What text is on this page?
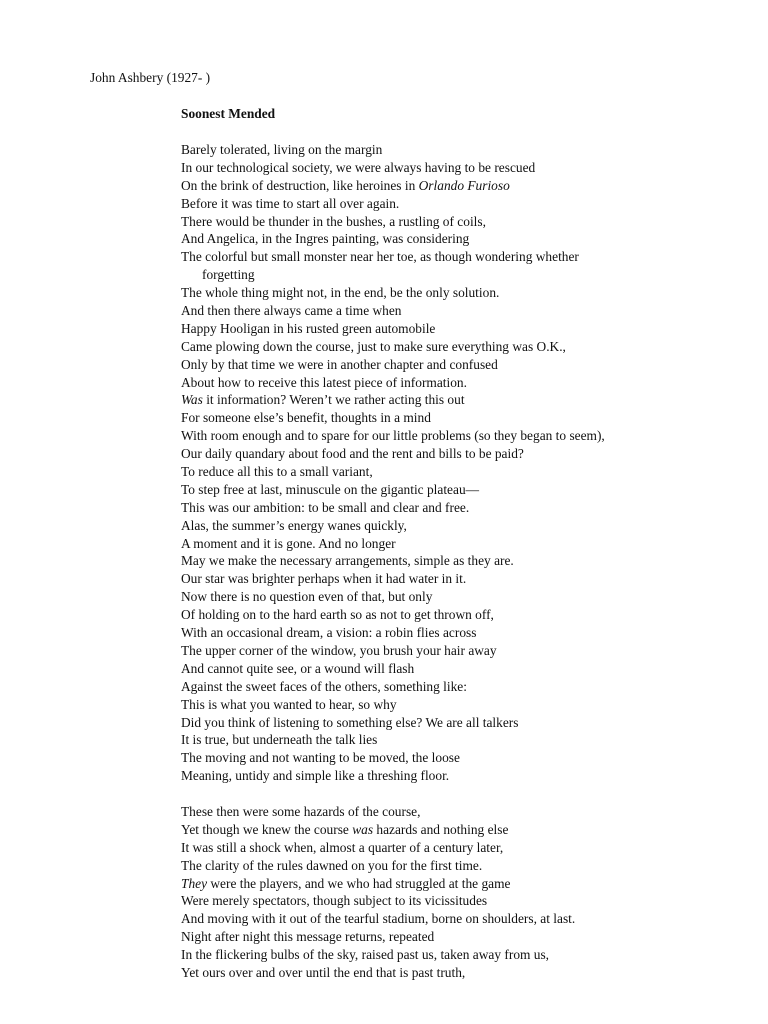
John Ashbery (1927- )
Soonest Mended
Barely tolerated, living on the margin
In our technological society, we were always having to be rescued
On the brink of destruction, like heroines in Orlando Furioso
Before it was time to start all over again.
There would be thunder in the bushes, a rustling of coils,
And Angelica, in the Ingres painting, was considering
The colorful but small monster near her toe, as though wondering whether
forgetting
The whole thing might not, in the end, be the only solution.
And then there always came a time when
Happy Hooligan in his rusted green automobile
Came plowing down the course, just to make sure everything was O.K.,
Only by that time we were in another chapter and confused
About how to receive this latest piece of information.
Was it information? Weren’t we rather acting this out
For someone else’s benefit, thoughts in a mind
With room enough and to spare for our little problems (so they began to seem),
Our daily quandary about food and the rent and bills to be paid?
To reduce all this to a small variant,
To step free at last, minuscule on the gigantic plateau—
This was our ambition: to be small and clear and free.
Alas, the summer’s energy wanes quickly,
A moment and it is gone. And no longer
May we make the necessary arrangements, simple as they are.
Our star was brighter perhaps when it had water in it.
Now there is no question even of that, but only
Of holding on to the hard earth so as not to get thrown off,
With an occasional dream, a vision: a robin flies across
The upper corner of the window, you brush your hair away
And cannot quite see, or a wound will flash
Against the sweet faces of the others, something like:
This is what you wanted to hear, so why
Did you think of listening to something else? We are all talkers
It is true, but underneath the talk lies
The moving and not wanting to be moved, the loose
Meaning, untidy and simple like a threshing floor.
These then were some hazards of the course,
Yet though we knew the course was hazards and nothing else
It was still a shock when, almost a quarter of a century later,
The clarity of the rules dawned on you for the first time.
They were the players, and we who had struggled at the game
Were merely spectators, though subject to its vicissitudes
And moving with it out of the tearful stadium, borne on shoulders, at last.
Night after night this message returns, repeated
In the flickering bulbs of the sky, raised past us, taken away from us,
Yet ours over and over until the end that is past truth,
